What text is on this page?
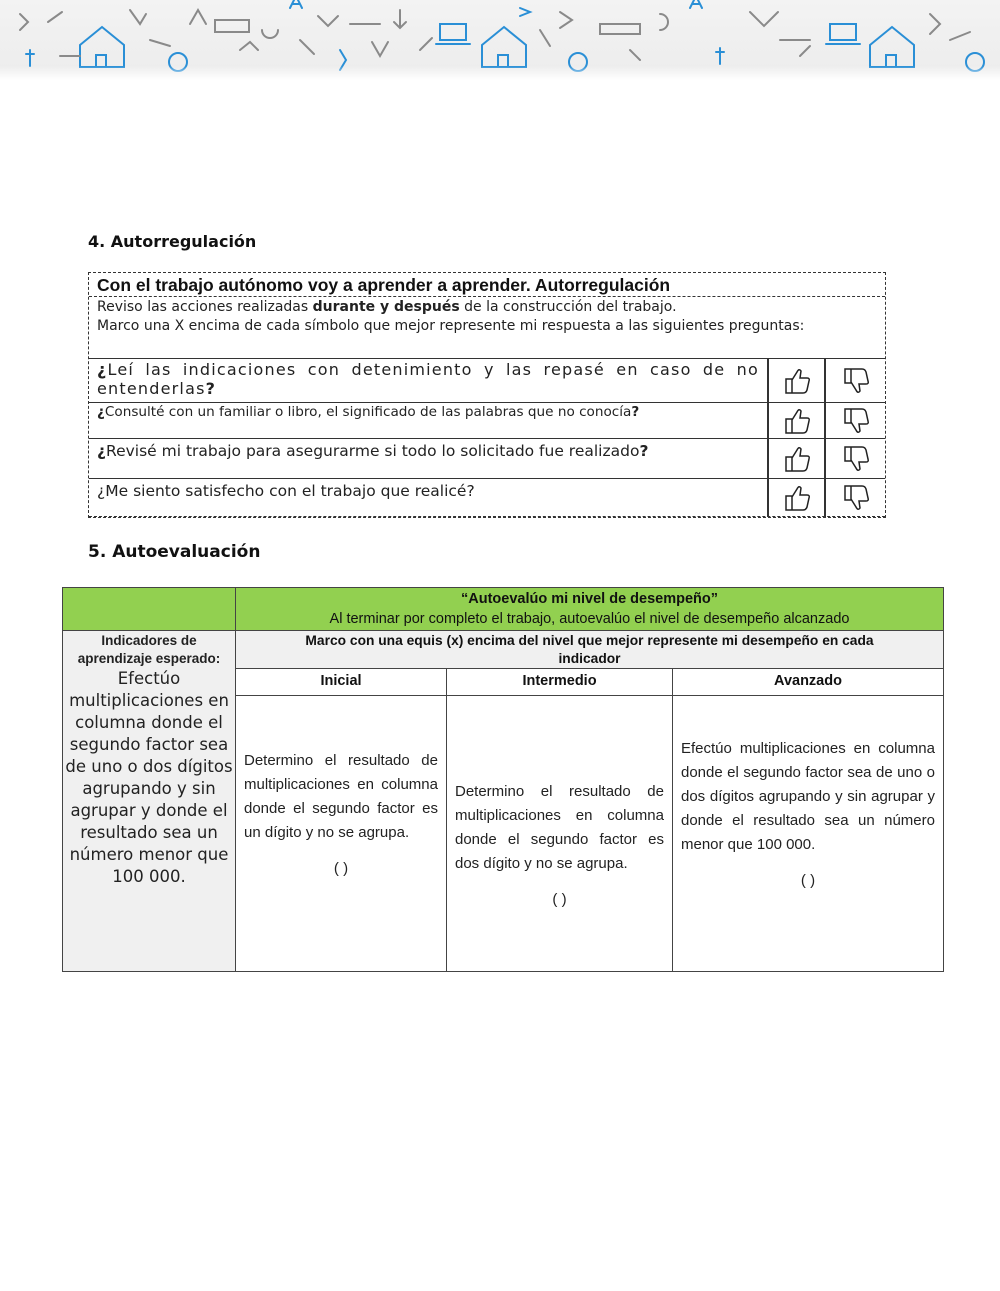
4. Autorregulación
Con el trabajo autónomo voy a aprender a aprender. Autorregulación

Reviso las acciones realizadas durante y después de la construcción del trabajo.

Marco una X encima de cada símbolo que mejor represente mi respuesta a las siguientes preguntas:

¿Leí las indicaciones con detenimiento y las repasé en caso de no entenderlas?
¿Consulté con un familiar o libro, el significado de las palabras que no conocía?
¿Revisé mi trabajo para asegurarme si todo lo solicitado fue realizado?
¿Me siento satisfecho con el trabajo que realicé?
5. Autoevaluación
“Autoevalúo mi nivel de desempeño”
Al terminar por completo el trabajo, autoevalúo el nivel de desempeño alcanzado
Indicadores de aprendizaje esperado:
Efectúo multiplicaciones en columna donde el segundo factor sea de uno o dos dígitos agrupando y sin agrupar y donde el resultado sea un número menor que 100 000.
Marco con una equis (x) encima del nivel que mejor represente mi desempeño en cada indicador
Inicial	Intermedio	Avanzado
Determino el resultado de multiplicaciones en columna donde el segundo factor es un dígito y no se agrupa.
( )
Determino el resultado de multiplicaciones en columna donde el segundo factor es dos dígito y no se agrupa.
( )
Efectúo multiplicaciones en columna donde el segundo factor sea de uno o dos dígitos agrupando y sin agrupar y donde el resultado sea un número menor que 100 000.
( )
